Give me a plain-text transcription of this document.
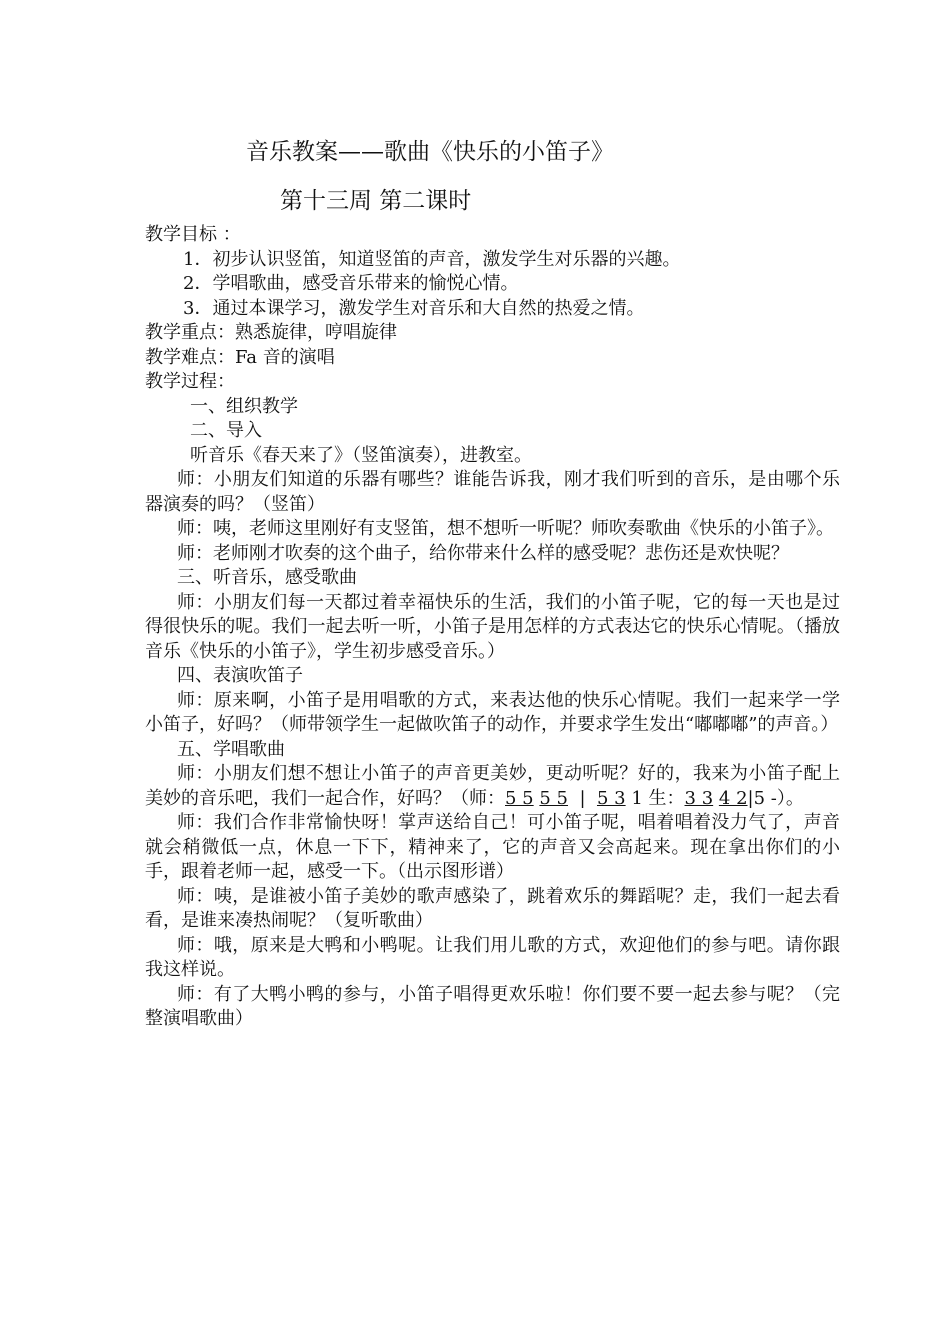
音乐教案——歌曲《快乐的小笛子》
第十三周 第二课时

教学目标 ：

1．初步认识竖笛，知道竖笛的声音，激发学生对乐器的兴趣。

2．学唱歌曲，感受音乐带来的愉悦心情。

3．通过本课学习，激发学生对音乐和大自然的热爱之情。

教学重点：熟悉旋律，哼唱旋律

教学难点：Fa 音的演唱

教学过程：

一、组织教学

二、导入

听音乐《春天来了》（竖笛演奏），进教室。

师：小朋友们知道的乐器有哪些？谁能告诉我，刚才我们听到的音乐，是由哪个乐器演奏的吗？（竖笛）

师：咦，老师这里刚好有支竖笛，想不想听一听呢？师吹奏歌曲《快乐的小笛子》。

师：老师刚才吹奏的这个曲子，给你带来什么样的感受呢？悲伤还是欢快呢？

三、听音乐，感受歌曲

师：小朋友们每一天都过着幸福快乐的生活，我们的小笛子呢，它的每一天也是过得很快乐的呢。我们一起去听一听，小笛子是用怎样的方式表达它的快乐心情呢。（播放音乐《快乐的小笛子》，学生初步感受音乐。）

四、表演吹笛子

师：原来啊，小笛子是用唱歌的方式，来表达他的快乐心情呢。我们一起来学一学小笛子，好吗？（师带领学生一起做吹笛子的动作，并要求学生发出“嘟嘟嘟”的声音。）

五、学唱歌曲

师：小朋友们想不想让小笛子的声音更美妙，更动听呢？好的，我来为小笛子配上美妙的音乐吧，我们一起合作，好吗？（师：5 5 5 5  |  5 3 1 生：3 3 4 2|5 -）。

师：我们合作非常愉快呀！掌声送给自己！可小笛子呢，唱着唱着没力气了，声音就会稍微低一点，休息一下下，精神来了，它的声音又会高起来。现在拿出你们的小手，跟着老师一起，感受一下。（出示图形谱）

师：咦，是谁被小笛子美妙的歌声感染了，跳着欢乐的舞蹈呢？走，我们一起去看看，是谁来凑热闹呢？（复听歌曲）

师：哦，原来是大鸭和小鸭呢。让我们用儿歌的方式，欢迎他们的参与吧。请你跟我这样说。

师：有了大鸭小鸭的参与，小笛子唱得更欢乐啦！你们要不要一起去参与呢？（完整演唱歌曲）
